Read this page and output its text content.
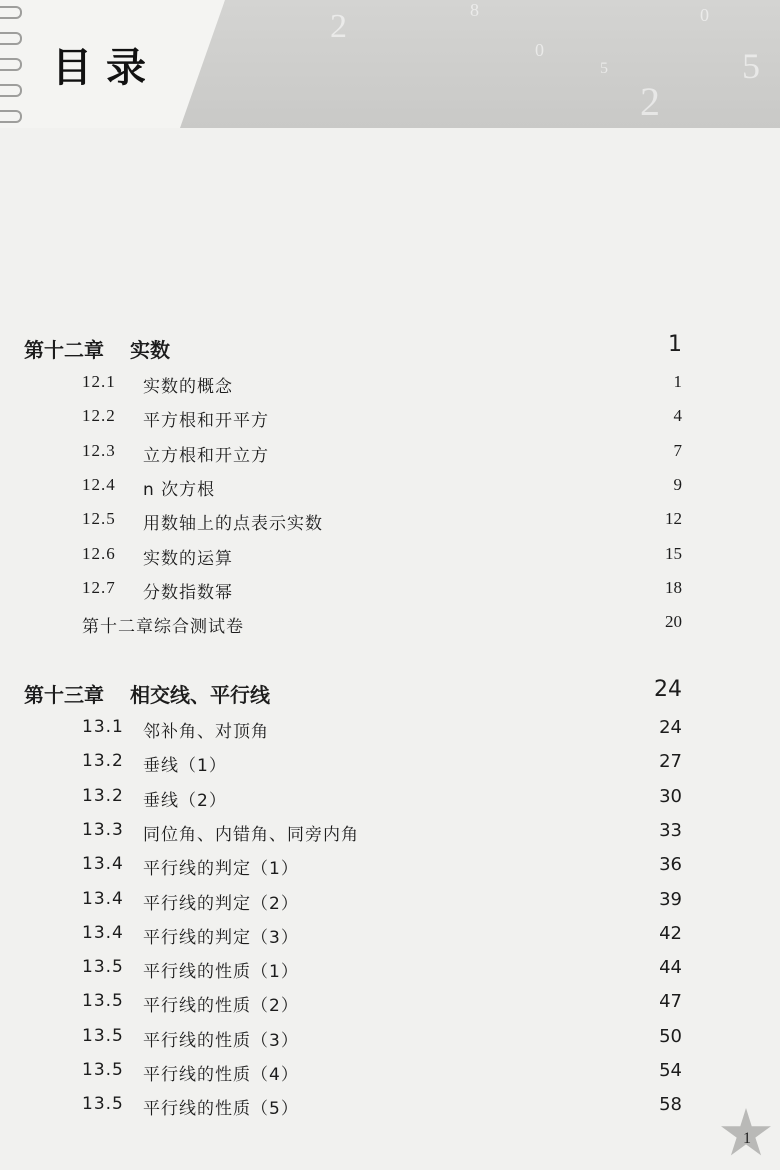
2	8
0
5
2
5
0
目录
第十二章 实数	1
12.1 实数的概念	1
12.2 平方根和开平方	4
12.3 立方根和开立方	7
12.4 n 次方根	9
12.5 用数轴上的点表示实数	12
12.6 实数的运算	15
12.7 分数指数幂	18
第十二章综合测试卷	20
第十三章 相交线、平行线	24
13.1 邻补角、对顶角	24
13.2 垂线（1）	27
13.2 垂线（2）	30
13.3 同位角、内错角、同旁内角	33
13.4 平行线的判定（1）	36
13.4 平行线的判定（2）	39
13.4 平行线的判定（3）	42
13.5 平行线的性质（1）	44
13.5 平行线的性质（2）	47
13.5 平行线的性质（3）	50
13.5 平行线的性质（4）	54
13.5 平行线的性质（5）	58
1
